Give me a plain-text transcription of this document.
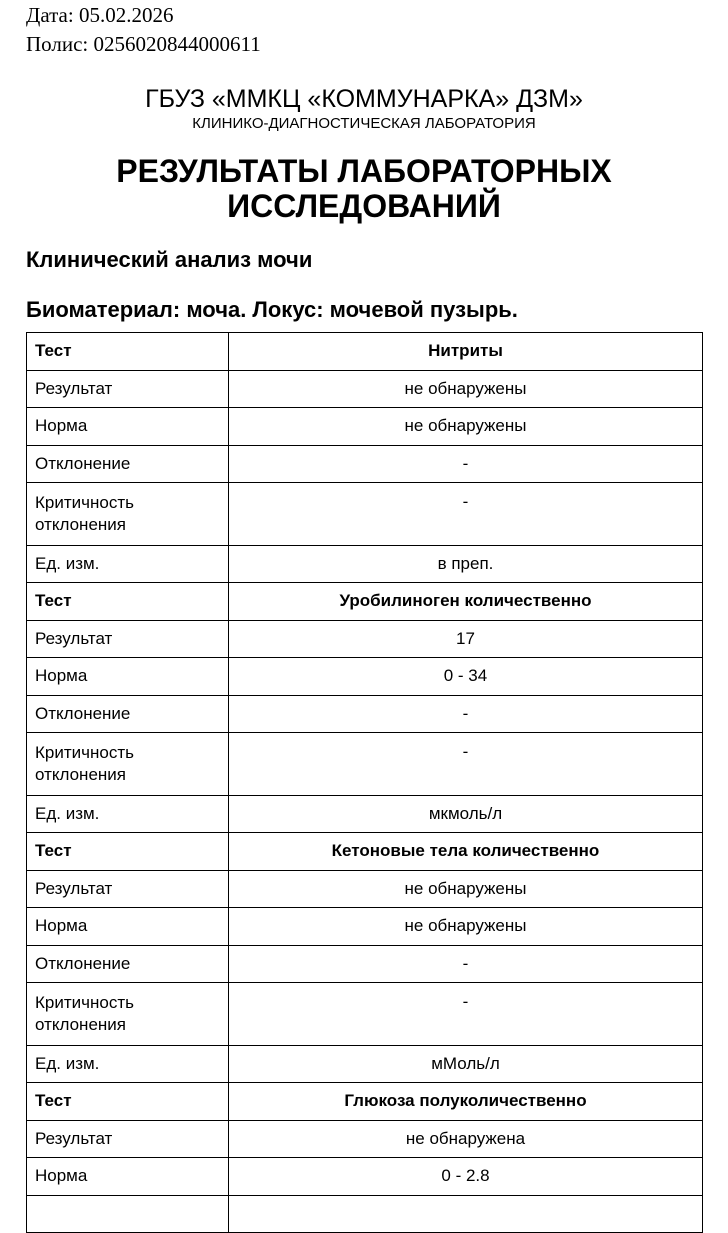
Дата: 05.02.2026
Полис: 0256020844000611
ГБУЗ «ММКЦ «КОММУНАРКА» ДЗМ»
КЛИНИКО-ДИАГНОСТИЧЕСКАЯ ЛАБОРАТОРИЯ
РЕЗУЛЬТАТЫ ЛАБОРАТОРНЫХ
ИССЛЕДОВАНИЙ
Клинический анализ мочи
Биоматериал: моча. Локус: мочевой пузырь.
Тест	Нитриты
Результат	не обнаружены
Норма	не обнаружены
Отклонение	-
Критичность отклонения	-
Ед. изм.	в преп.
Тест	Уробилиноген количественно
Результат	17
Норма	0 - 34
Отклонение	-
Критичность отклонения	-
Ед. изм.	мкмоль/л
Тест	Кетоновые тела количественно
Результат	не обнаружены
Норма	не обнаружены
Отклонение	-
Критичность отклонения	-
Ед. изм.	мМоль/л
Тест	Глюкоза полуколичественно
Результат	не обнаружена
Норма	0 - 2.8
